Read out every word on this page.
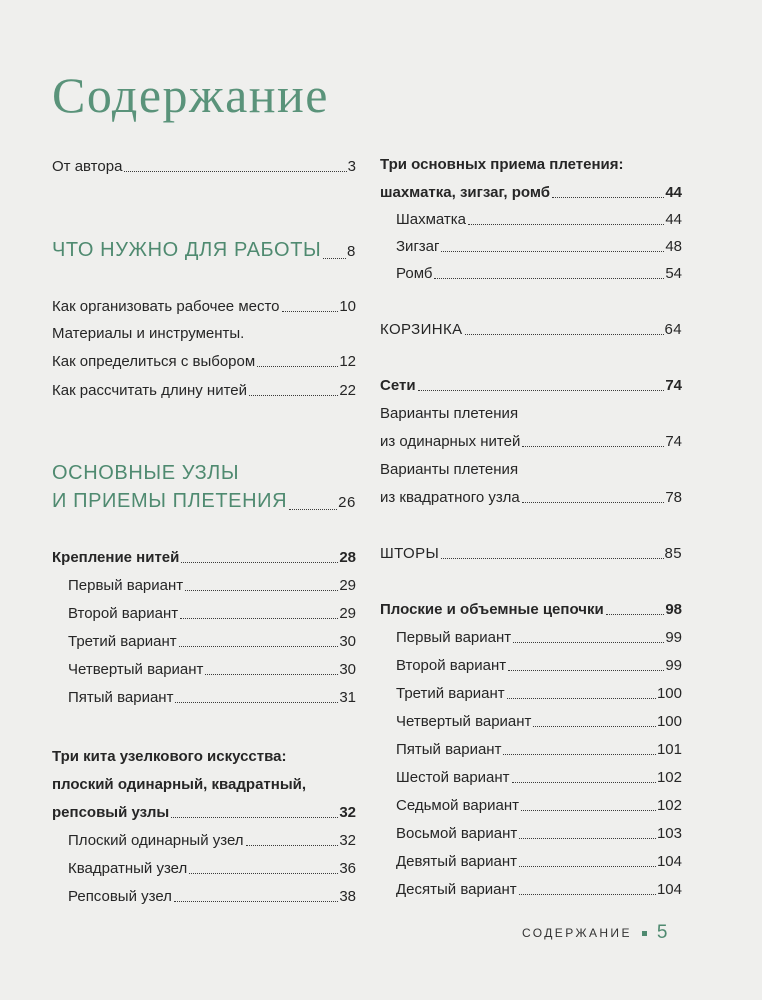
Содержание
От автора	3
ЧТО НУЖНО ДЛЯ РАБОТЫ 8
Как организовать рабочее место	10
Материалы и инструменты.
Как определиться с выбором	12
Как рассчитать длину нитей	22
ОСНОВНЫЕ УЗЛЫ
И ПРИЕМЫ ПЛЕТЕНИЯ	26
Крепление нитей	28
Первый вариант	29
Второй вариант	29
Третий вариант	30
Четвертый вариант	30
Пятый вариант	31
Три кита узелкового искусства:
плоский одинарный, квадратный,
репсовый узлы	32
Плоский одинарный узел	32
Квадратный узел	36
Репсовый узел	38
Три основных приема плетения:
шахматка, зигзаг, ромб	44
Шахматка	44
Зигзаг	48
Ромб	54
КОРЗИНКА	64
Сети	74
Варианты плетения
из одинарных нитей	74
Варианты плетения
из квадратного узла	78
ШТОРЫ	85
Плоские и объемные цепочки	98
Первый вариант	99
Второй вариант	99
Третий вариант	100
Четвертый вариант	100
Пятый вариант	101
Шестой вариант	102
Седьмой вариант	102
Восьмой вариант	103
Девятый вариант	104
Десятый вариант	104
СОДЕРЖАНИЕ 5
